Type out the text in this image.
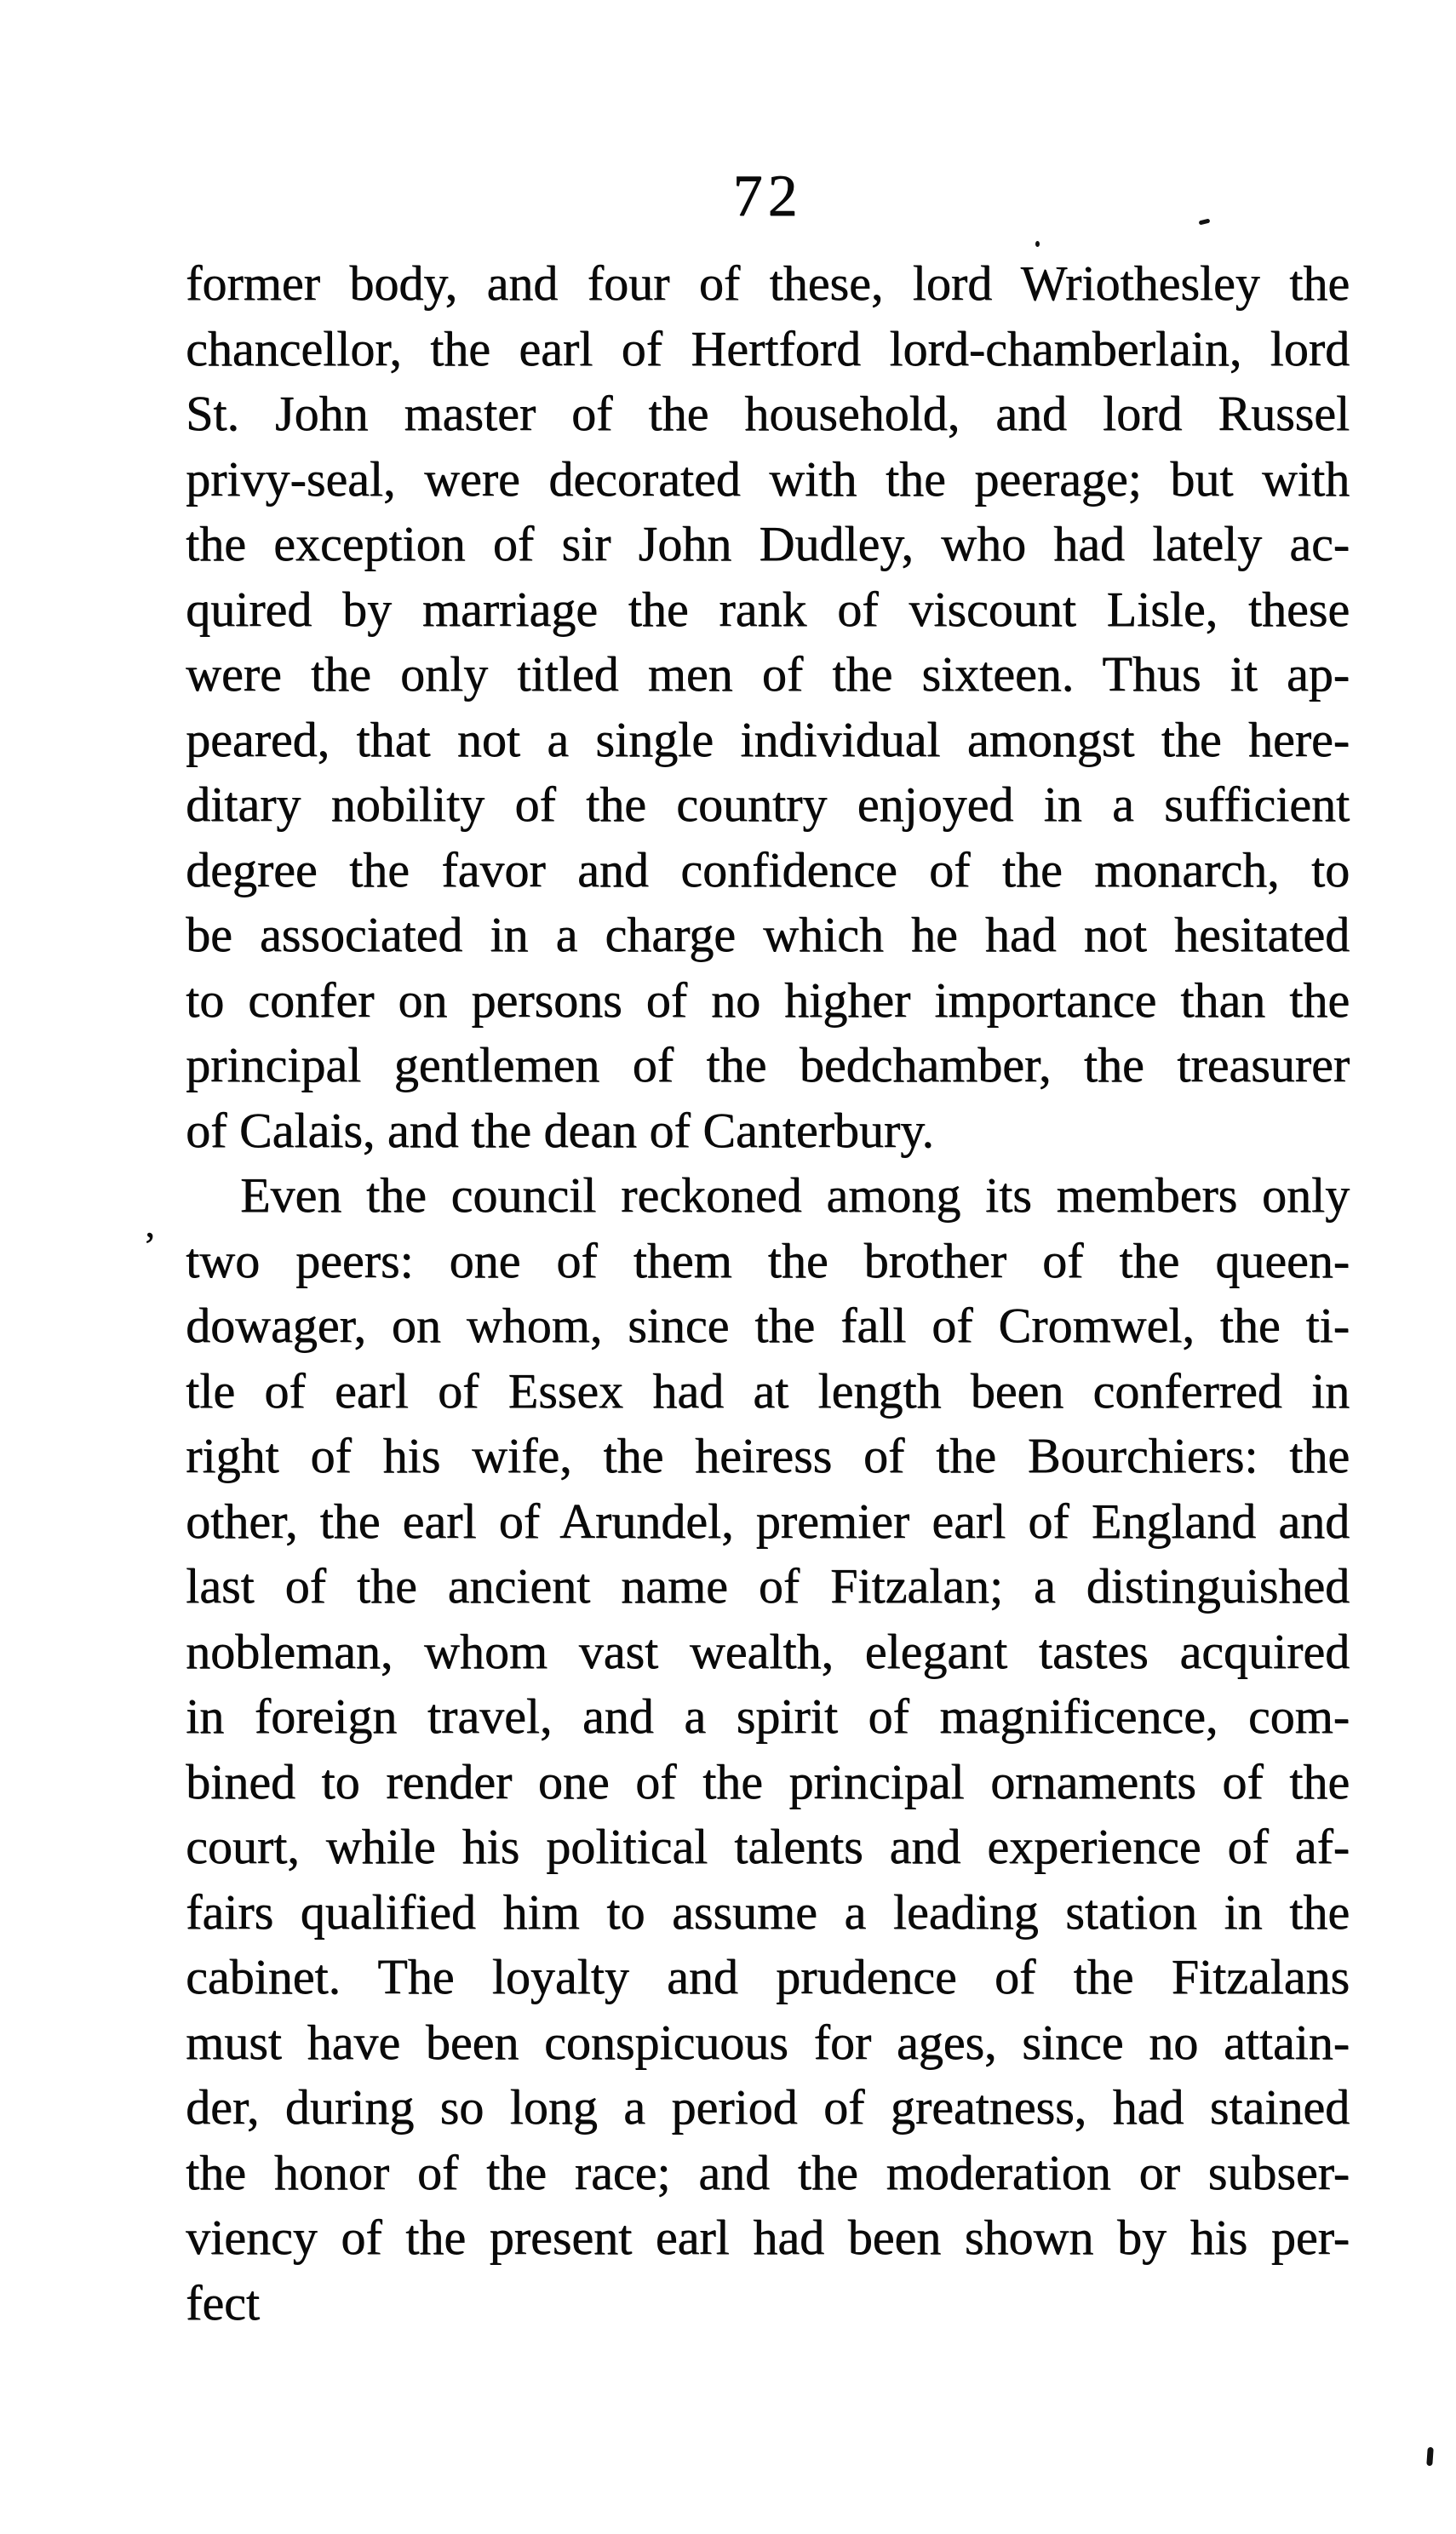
72
former body, and four of these, lord Wriothesley the
chancellor, the earl of Hertford lord-chamberlain, lord
St. John master of the household, and lord Russel
privy-seal, were decorated with the peerage; but with
the exception of sir John Dudley, who had lately ac-
quired by marriage the rank of viscount Lisle, these
were the only titled men of the sixteen. Thus it ap-
peared, that not a single individual amongst the here-
ditary nobility of the country enjoyed in a sufficient
degree the favor and confidence of the monarch, to
be associated in a charge which he had not hesitated
to confer on persons of no higher importance than the
principal gentlemen of the bedchamber, the treasurer
of Calais, and the dean of Canterbury.
Even the council reckoned among its members only
two peers: one of them the brother of the queen-
dowager, on whom, since the fall of Cromwel, the ti-
tle of earl of Essex had at length been conferred in
right of his wife, the heiress of the Bourchiers: the
other, the earl of Arundel, premier earl of England and
last of the ancient name of Fitzalan; a distinguished
nobleman, whom vast wealth, elegant tastes acquired
in foreign travel, and a spirit of magnificence, com-
bined to render one of the principal ornaments of the
court, while his political talents and experience of af-
fairs qualified him to assume a leading station in the
cabinet. The loyalty and prudence of the Fitzalans
must have been conspicuous for ages, since no attain-
der, during so long a period of greatness, had stained
the honor of the race; and the moderation or subser-
viency of the present earl had been shown by his per-
fect
’
